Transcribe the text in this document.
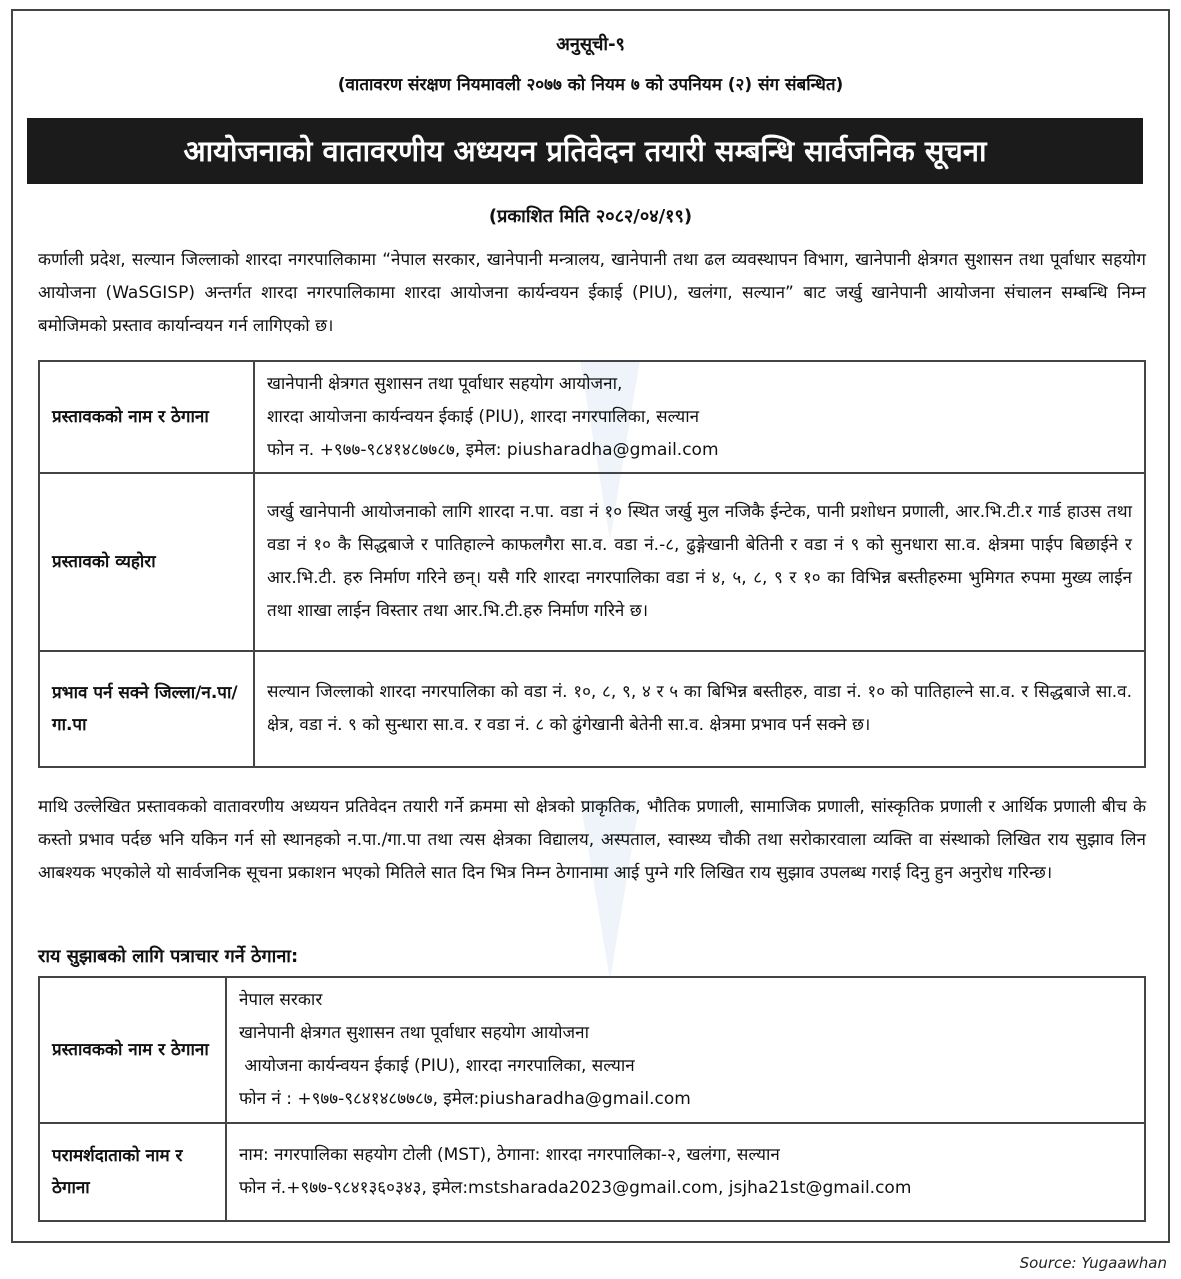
अनुसूची-९
(वातावरण संरक्षण नियमावली २०७७ को नियम ७ को उपनियम (२) संग संबन्धित)
आयोजनाको वातावरणीय अध्ययन प्रतिवेदन तयारी सम्बन्धि सार्वजनिक सूचना
(प्रकाशित मिति २०८२/०४/१९)
कर्णाली प्रदेश, सल्यान जिल्लाको शारदा नगरपालिकामा “नेपाल सरकार, खानेपानी मन्त्रालय, खानेपानी तथा ढल व्यवस्थापन विभाग, खानेपानी क्षेत्रगत सुशासन तथा पूर्वाधार सहयोग आयोजना (WaSGISP) अन्तर्गत शारदा नगरपालिकामा शारदा आयोजना कार्यन्वयन ईकाई (PIU), खलंगा, सल्यान” बाट जर्खु खानेपानी आयोजना संचालन सम्बन्धि निम्न बमोजिमको प्रस्ताव कार्यान्वयन गर्न लागिएको छ।
प्रस्तावकको नाम र ठेगाना	खानेपानी क्षेत्रगत सुशासन तथा पूर्वाधार सहयोग आयोजना,
शारदा आयोजना कार्यन्वयन ईकाई (PIU), शारदा नगरपालिका, सल्यान
फोन न. +९७७-९८४१४८७७८७, इमेल: piusharadha@gmail.com

प्रस्तावको व्यहोरा	जर्खु खानेपानी आयोजनाको लागि शारदा न.पा. वडा नं १० स्थित जर्खु मुल नजिकै ईन्टेक, पानी प्रशोधन प्रणाली, आर.भि.टी.र गार्ड हाउस तथा वडा नं १० कै सिद्धबाजे र पातिहाल्ने काफलगैरा सा.व. वडा नं.-८, ढुङ्गेखानी बेतिनी र वडा नं ९ को सुनधारा सा.व. क्षेत्रमा पाईप बिछाईने र आर.भि.टी. हरु निर्माण गरिने छन्। यसै गरि शारदा नगरपालिका वडा नं ४, ५, ८, ९ र १० का विभिन्न बस्तीहरुमा भुमिगत रुपमा मुख्य लाईन तथा शाखा लाईन विस्तार तथा आर.भि.टी.हरु निर्माण गरिने छ।
प्रभाव पर्न सक्ने जिल्ला/न.पा/गा.पा	सल्यान जिल्लाको शारदा नगरपालिका को वडा नं. १०, ८, ९, ४ र ५ का बिभिन्न बस्तीहरु, वाडा नं. १० को पातिहाल्ने सा.व. र सिद्धबाजे सा.व. क्षेत्र, वडा नं. ९ को सुन्धारा सा.व. र वडा नं. ८ को ढुंगेखानी बेतेनी सा.व. क्षेत्रमा प्रभाव पर्न सक्ने छ।
माथि उल्लेखित प्रस्तावकको वातावरणीय अध्ययन प्रतिवेदन तयारी गर्ने क्रममा सो क्षेत्रको प्राकृतिक, भौतिक प्रणाली, सामाजिक प्रणाली, सांस्कृतिक प्रणाली र आर्थिक प्रणाली बीच के कस्तो प्रभाव पर्दछ भनि यकिन गर्न सो स्थानहको न.पा./गा.पा तथा त्यस क्षेत्रका विद्यालय, अस्पताल, स्वास्थ्य चौकी तथा सरोकारवाला व्यक्ति वा संस्थाको लिखित राय सुझाव लिन आबश्यक भएकोले यो सार्वजनिक सूचना प्रकाशन भएको मितिले सात दिन भित्र निम्न ठेगानामा आई पुग्ने गरि लिखित राय सुझाव उपलब्ध गराई दिनु हुन अनुरोध गरिन्छ।
राय सुझाबको लागि पत्राचार गर्ने ठेगाना:
प्रस्तावकको नाम र ठेगाना	नेपाल सरकार
खानेपानी क्षेत्रगत सुशासन तथा पूर्वाधार सहयोग आयोजना
आयोजना कार्यन्वयन ईकाई (PIU), शारदा नगरपालिका, सल्यान
फोन नं : +९७७-९८४१४८७७८७, इमेल:piusharadha@gmail.com

परामर्शदाताको नाम र ठेगाना	नाम: नगरपालिका सहयोग टोली (MST), ठेगाना: शारदा नगरपालिका-२, खलंगा, सल्यान
फोन नं.+९७७-९८४१३६०३४३, इमेल:mstsharada2023@gmail.com, jsjha21st@gmail.com
Source: Yugaawhan
